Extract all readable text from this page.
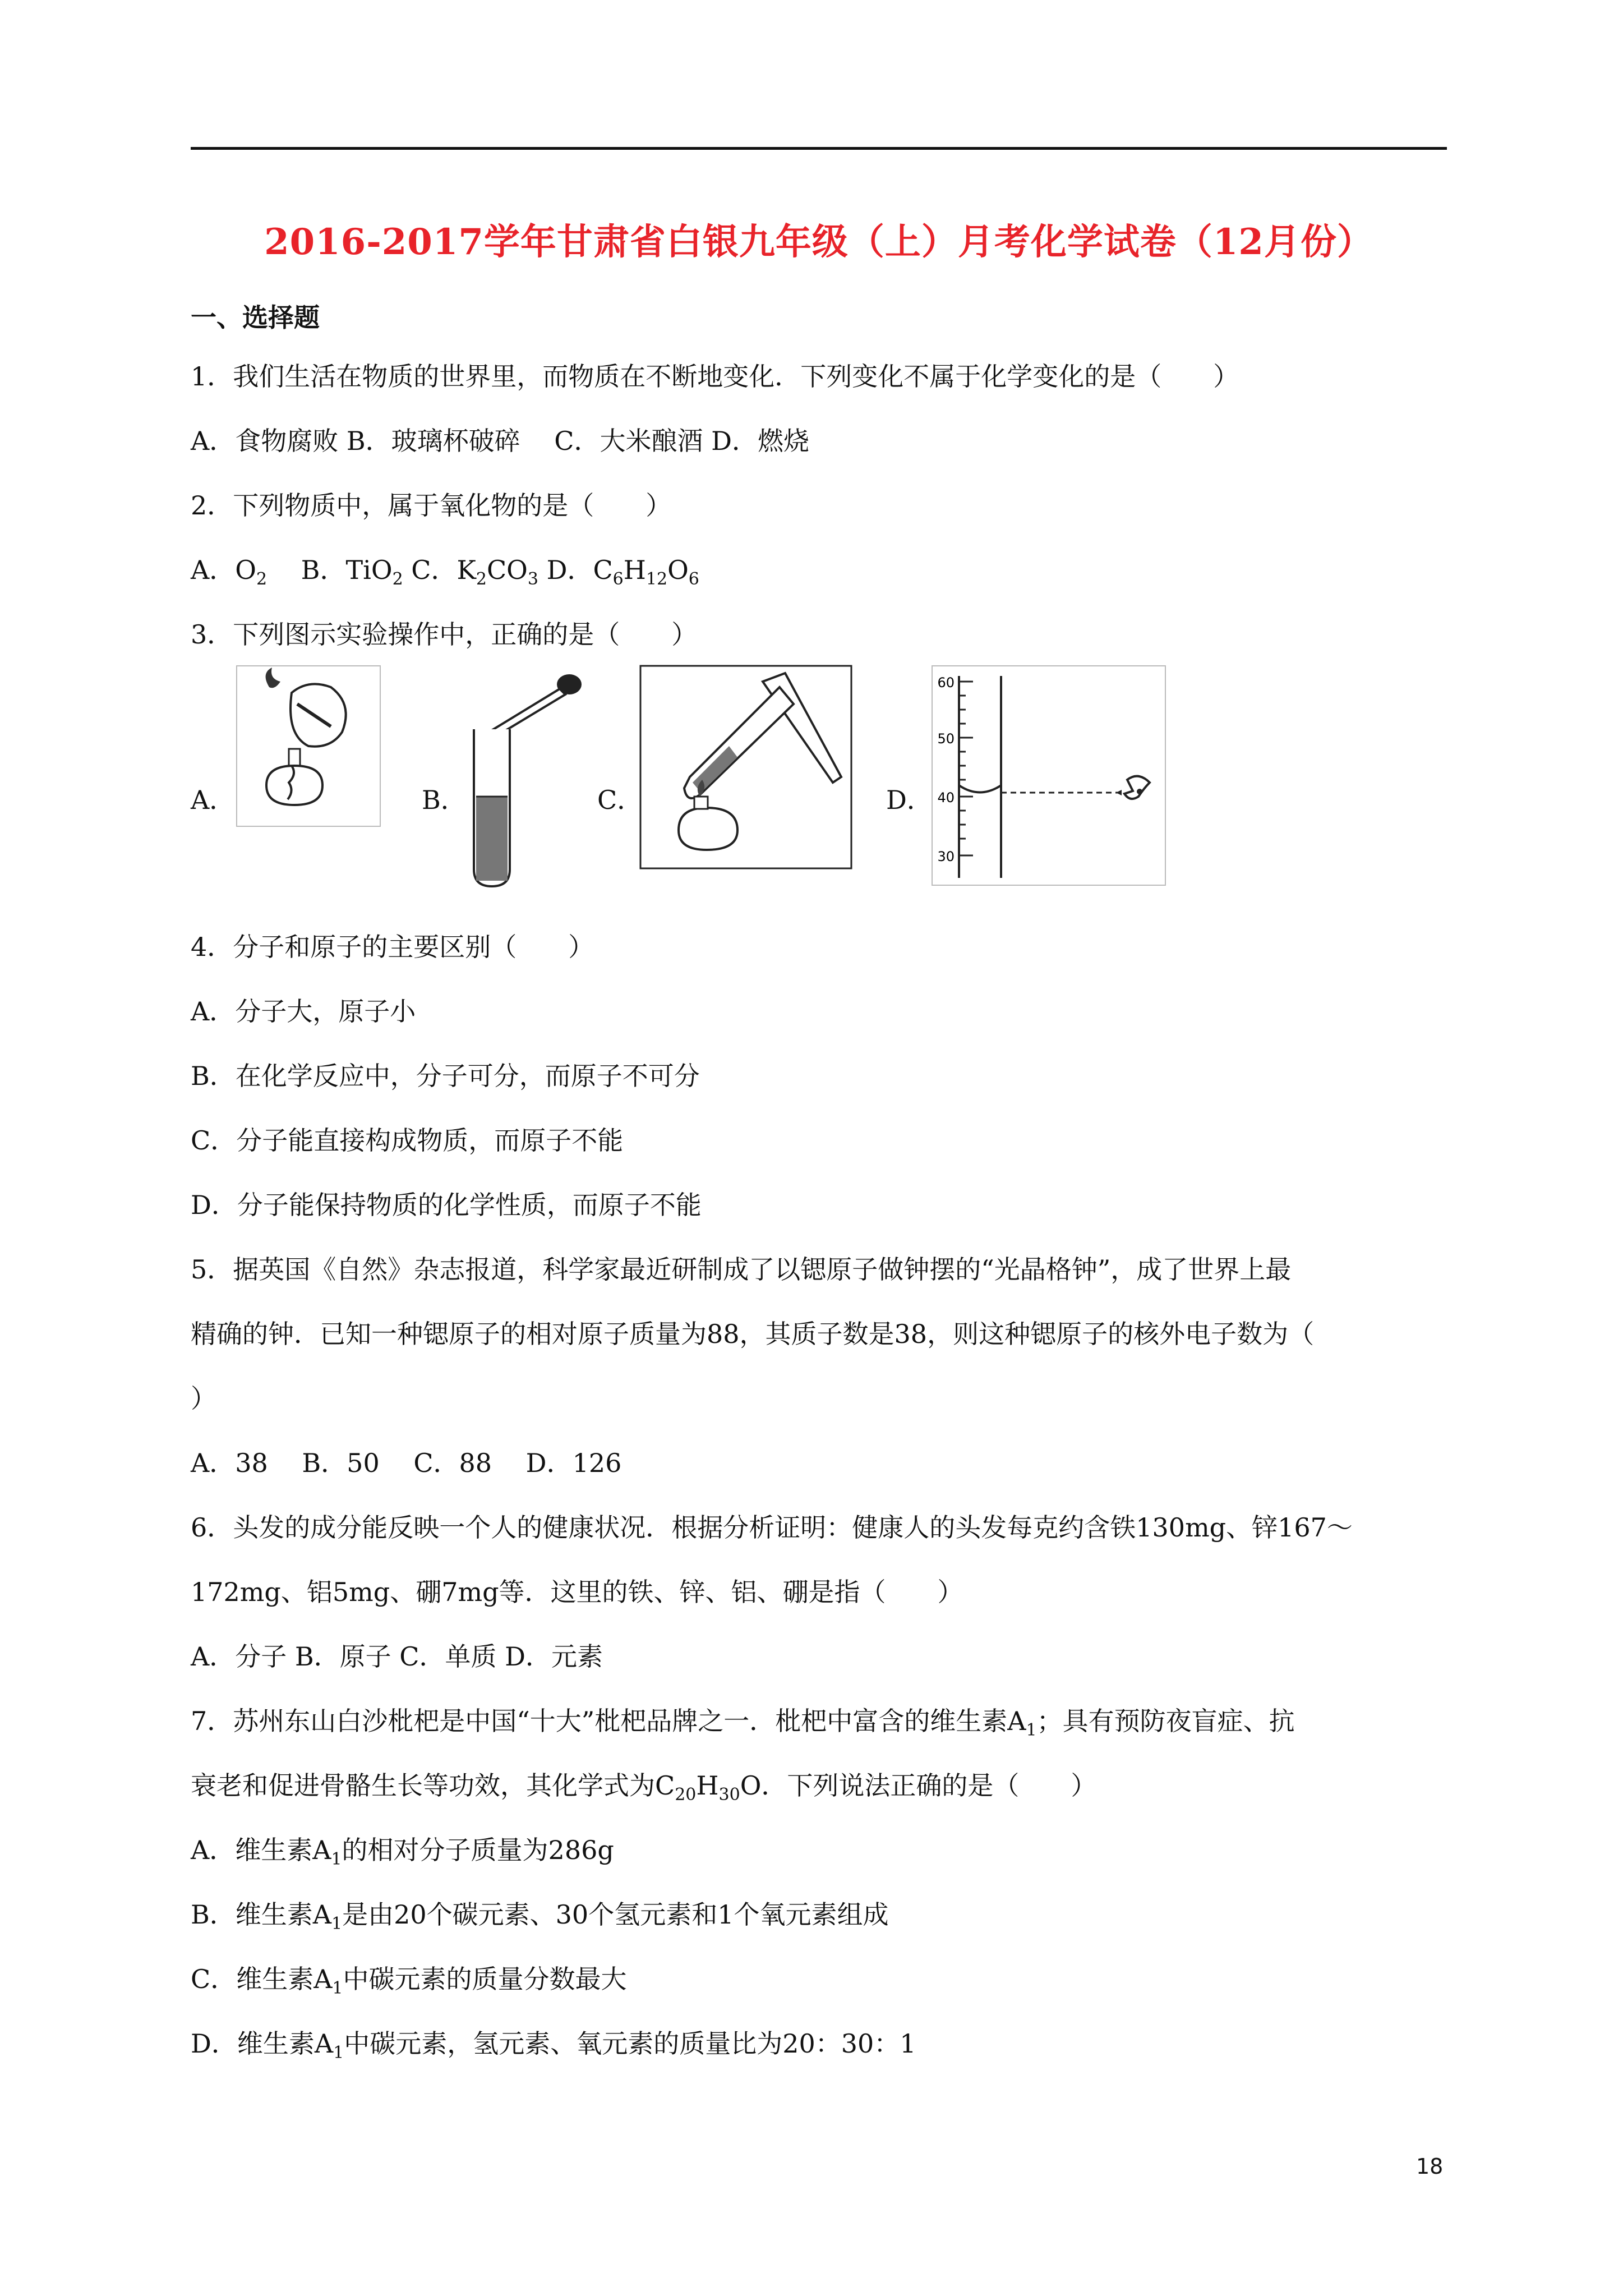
2016-2017学年甘肃省白银九年级（上）月考化学试卷（12月份）
一、选择题
1．我们生活在物质的世界里，而物质在不断地变化．下列变化不属于化学变化的是（　　）
A．食物腐败 B．玻璃杯破碎　 C．大米酿酒 D．燃烧
2．下列物质中，属于氧化物的是（　　）
A．$O_2$　 B．TiO$_2$ C．$K_2CO_3$ D．$C_6H_{12}O_6$
3．下列图示实验操作中，正确的是（　　）
A．	B．	C．	D．
60
50
40
30
4．分子和原子的主要区别（　　）
A．分子大，原子小
B．在化学反应中，分子可分，而原子不可分
C．分子能直接构成物质，而原子不能
D．分子能保持物质的化学性质，而原子不能
5．据英国《自然》杂志报道，科学家最近研制成了以锶原子做钟摆的“光晶格钟”，成了世界上最
精确的钟．已知一种锶原子的相对原子质量为88，其质子数是38，则这种锶原子的核外电子数为（
）
A．38　 B．50　 C．88　 D．126
6．头发的成分能反映一个人的健康状况．根据分析证明：健康人的头发每克约含铁130mg、锌167～
172mg、铝5mg、硼7mg等．这里的铁、锌、铝、硼是指（　　）
A．分子 B．原子 C．单质 D．元素
7．苏州东山白沙枇杷是中国“十大”枇杷品牌之一．枇杷中富含的维生素$A_1$；具有预防夜盲症、抗
衰老和促进骨骼生长等功效，其化学式为$C_{20}H_{30}O$．下列说法正确的是（　　）
A．维生素$A_1$的相对分子质量为286g
B．维生素$A_1$是由20个碳元素、30个氢元素和1个氧元素组成
C．维生素$A_1$中碳元素的质量分数最大
D．维生素$A_1$中碳元素，氢元素、氧元素的质量比为20：30：1
18
